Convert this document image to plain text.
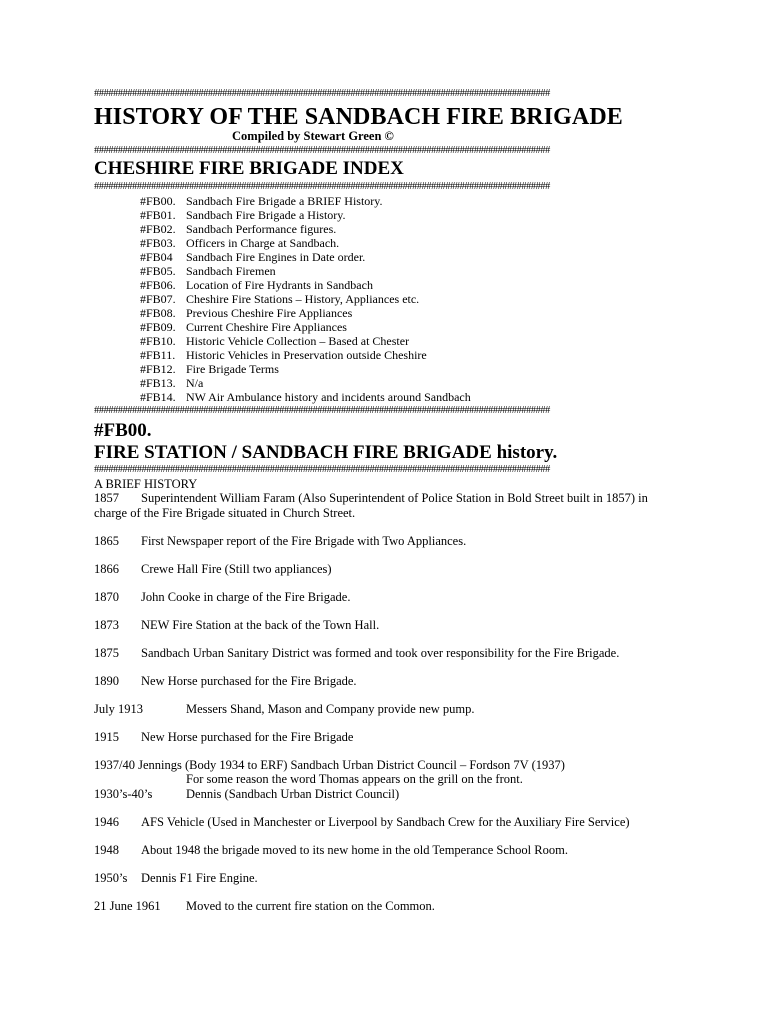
################################################################################################
HISTORY OF THE SANDBACH FIRE BRIGADE
Compiled by Stewart Green ©
################################################################################################
CHESHIRE FIRE BRIGADE INDEX
################################################################################################
#FB00. Sandbach Fire Brigade a BRIEF History.
#FB01. Sandbach Fire Brigade a History.
#FB02. Sandbach Performance figures.
#FB03. Officers in Charge at Sandbach.
#FB04 Sandbach Fire Engines in Date order.
#FB05. Sandbach Firemen
#FB06. Location of Fire Hydrants in Sandbach
#FB07. Cheshire Fire Stations – History, Appliances etc.
#FB08. Previous Cheshire Fire Appliances
#FB09. Current Cheshire Fire Appliances
#FB10. Historic Vehicle Collection – Based at Chester
#FB11. Historic Vehicles in Preservation outside Cheshire
#FB12. Fire Brigade Terms
#FB13. N/a
#FB14. NW Air Ambulance history and incidents around Sandbach
################################################################################################
#FB00.
FIRE STATION / SANDBACH FIRE BRIGADE history.
################################################################################################
A BRIEF HISTORY
1857 Superintendent William Faram (Also Superintendent of Police Station in Bold Street built in 1857) in
charge of the Fire Brigade situated in Church Street.
1865 First Newspaper report of the Fire Brigade with Two Appliances.
1866 Crewe Hall Fire (Still two appliances)
1870 John Cooke in charge of the Fire Brigade.
1873 NEW Fire Station at the back of the Town Hall.
1875 Sandbach Urban Sanitary District was formed and took over responsibility for the Fire Brigade.
1890 New Horse purchased for the Fire Brigade.
July 1913	Messers Shand, Mason and Company provide new pump.
1915 New Horse purchased for the Fire Brigade
1937/40 Jennings (Body 1934 to ERF) Sandbach Urban District Council – Fordson 7V (1937)
For some reason the word Thomas appears on the grill on the front.
1930’s-40’s	Dennis (Sandbach Urban District Council)
1946 AFS Vehicle (Used in Manchester or Liverpool by Sandbach Crew for the Auxiliary Fire Service)
1948 About 1948 the brigade moved to its new home in the old Temperance School Room.
1950’s Dennis F1 Fire Engine.
21 June 1961 Moved to the current fire station on the Common.
